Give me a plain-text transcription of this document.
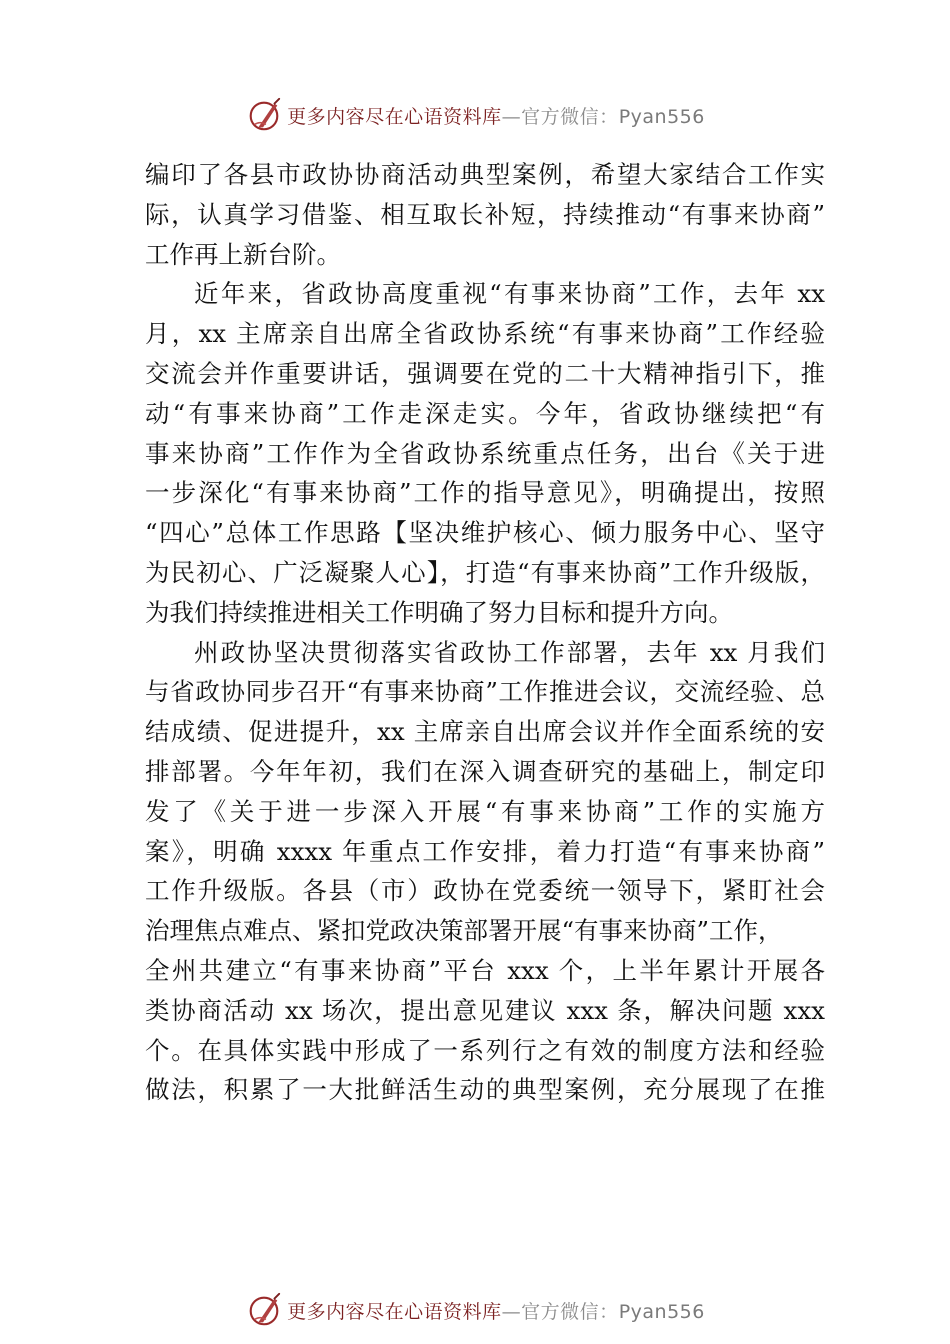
更多内容尽在心语资料库—官方微信：Pyan556
编印了各县市政协协商活动典型案例，希望大家结合工作实
际，认真学习借鉴、相互取长补短，持续推动“有事来协商”
工作再上新台阶。
近年来，省政协高度重视“有事来协商”工作，去年 xx
月，xx 主席亲自出席全省政协系统“有事来协商”工作经验
交流会并作重要讲话，强调要在党的二十大精神指引下，推
动“有事来协商”工作走深走实。今年，省政协继续把“有
事来协商”工作作为全省政协系统重点任务，出台《关于进
一步深化“有事来协商”工作的指导意见》，明确提出，按照
“四心”总体工作思路【坚决维护核心、倾力服务中心、坚守
为民初心、广泛凝聚人心】，打造“有事来协商”工作升级版，
为我们持续推进相关工作明确了努力目标和提升方向。
州政协坚决贯彻落实省政协工作部署，去年 xx 月我们
与省政协同步召开“有事来协商”工作推进会议，交流经验、总
结成绩、促进提升，xx 主席亲自出席会议并作全面系统的安
排部署。今年年初，我们在深入调查研究的基础上，制定印
发了《关于进一步深入开展“有事来协商”工作的实施方
案》，明确 xxxx 年重点工作安排，着力打造“有事来协商”
工作升级版。各县（市）政协在党委统一领导下，紧盯社会
治理焦点难点、紧扣党政决策部署开展“有事来协商”工作，
全州共建立“有事来协商”平台 xxx 个，上半年累计开展各
类协商活动 xx 场次，提出意见建议 xxx 条，解决问题 xxx
个。在具体实践中形成了一系列行之有效的制度方法和经验
做法，积累了一大批鲜活生动的典型案例，充分展现了在推
更多内容尽在心语资料库—官方微信：Pyan556
